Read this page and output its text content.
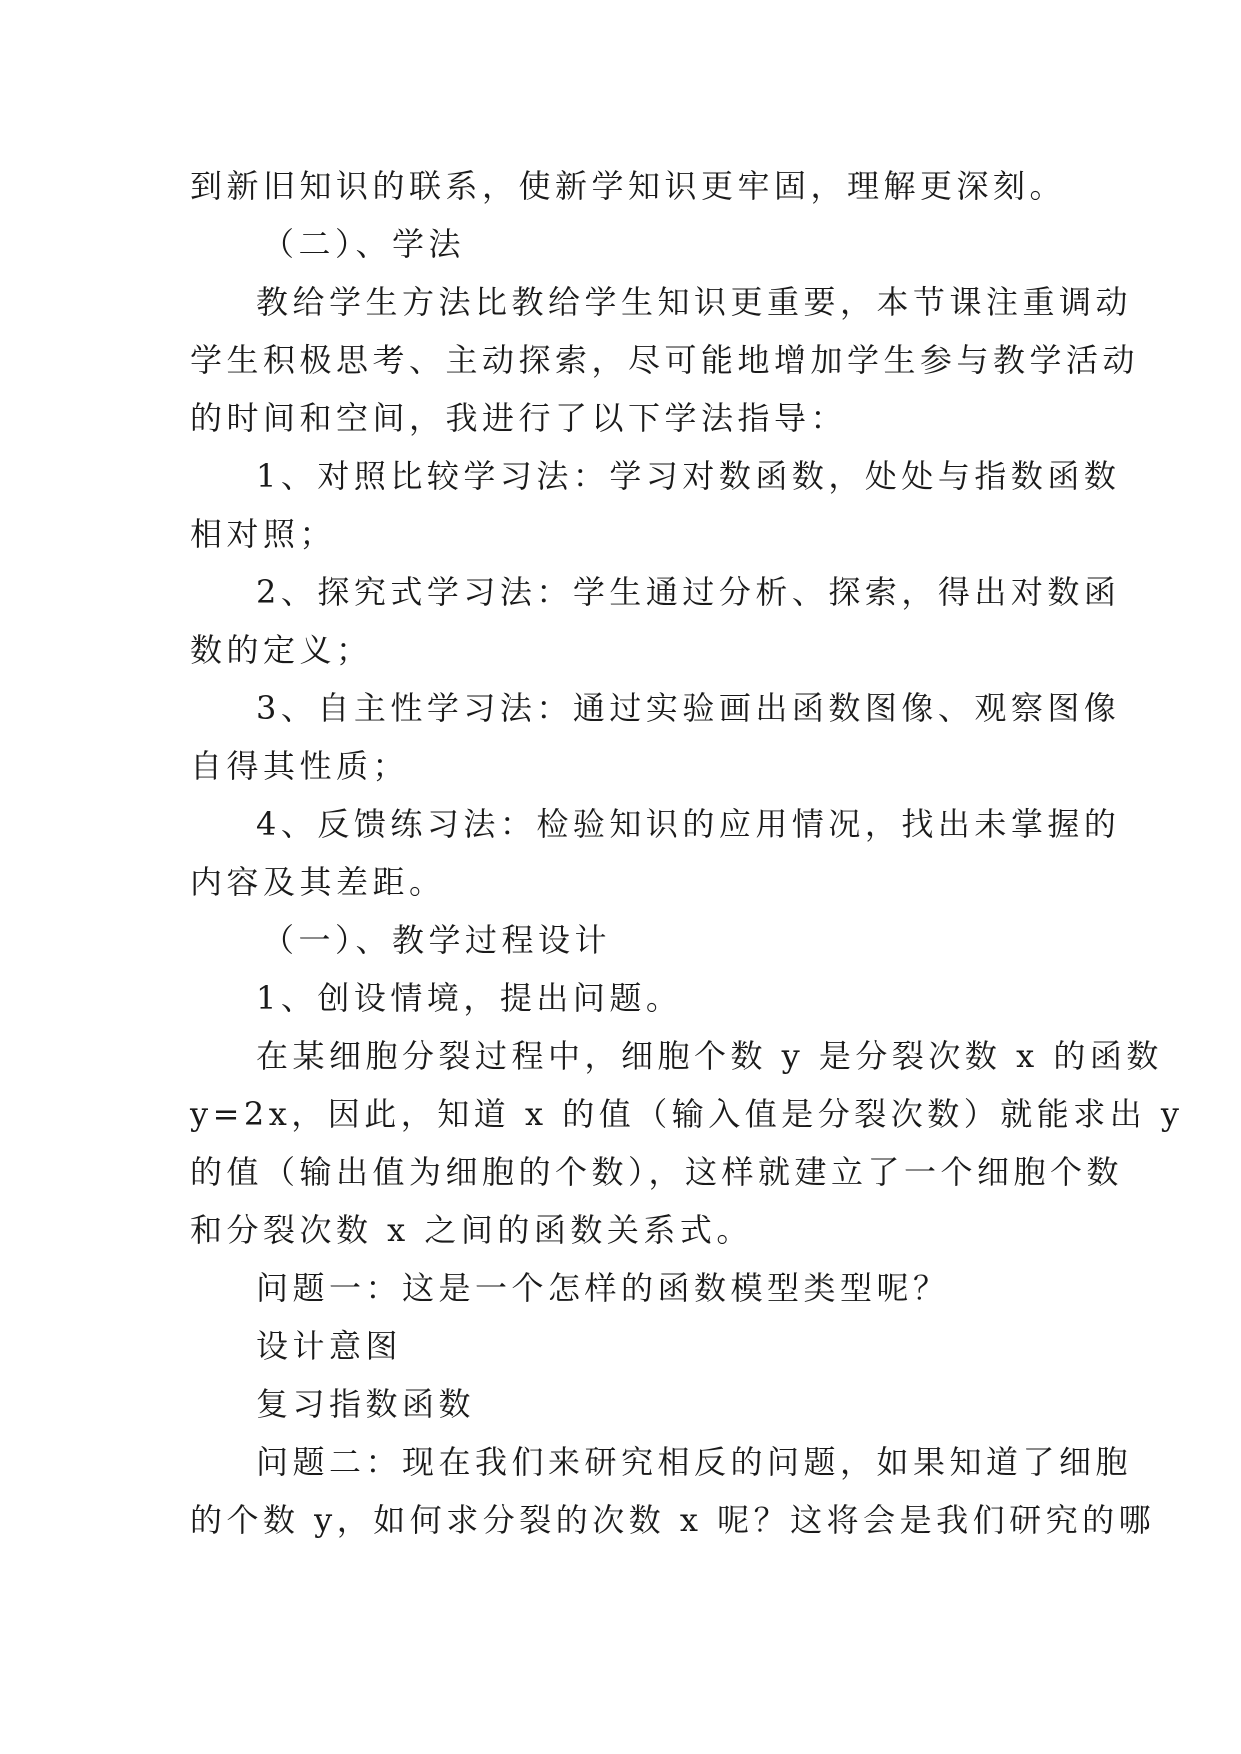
到新旧知识的联系，使新学知识更牢固，理解更深刻。
（二）、学法
教给学生方法比教给学生知识更重要，本节课注重调动
学生积极思考、主动探索，尽可能地增加学生参与教学活动
的时间和空间，我进行了以下学法指导：
1、对照比较学习法：学习对数函数，处处与指数函数
相对照；
2、探究式学习法：学生通过分析、探索，得出对数函
数的定义；
3、自主性学习法：通过实验画出函数图像、观察图像
自得其性质；
4、反馈练习法：检验知识的应用情况，找出未掌握的
内容及其差距。
（一）、教学过程设计
1、创设情境，提出问题。
在某细胞分裂过程中，细胞个数 y 是分裂次数 x 的函数
y=2x，因此，知道 x 的值（输入值是分裂次数）就能求出 y
的值（输出值为细胞的个数），这样就建立了一个细胞个数
和分裂次数 x 之间的函数关系式。
问题一：这是一个怎样的函数模型类型呢？
设计意图
复习指数函数
问题二：现在我们来研究相反的问题，如果知道了细胞
的个数 y，如何求分裂的次数 x 呢？这将会是我们研究的哪
